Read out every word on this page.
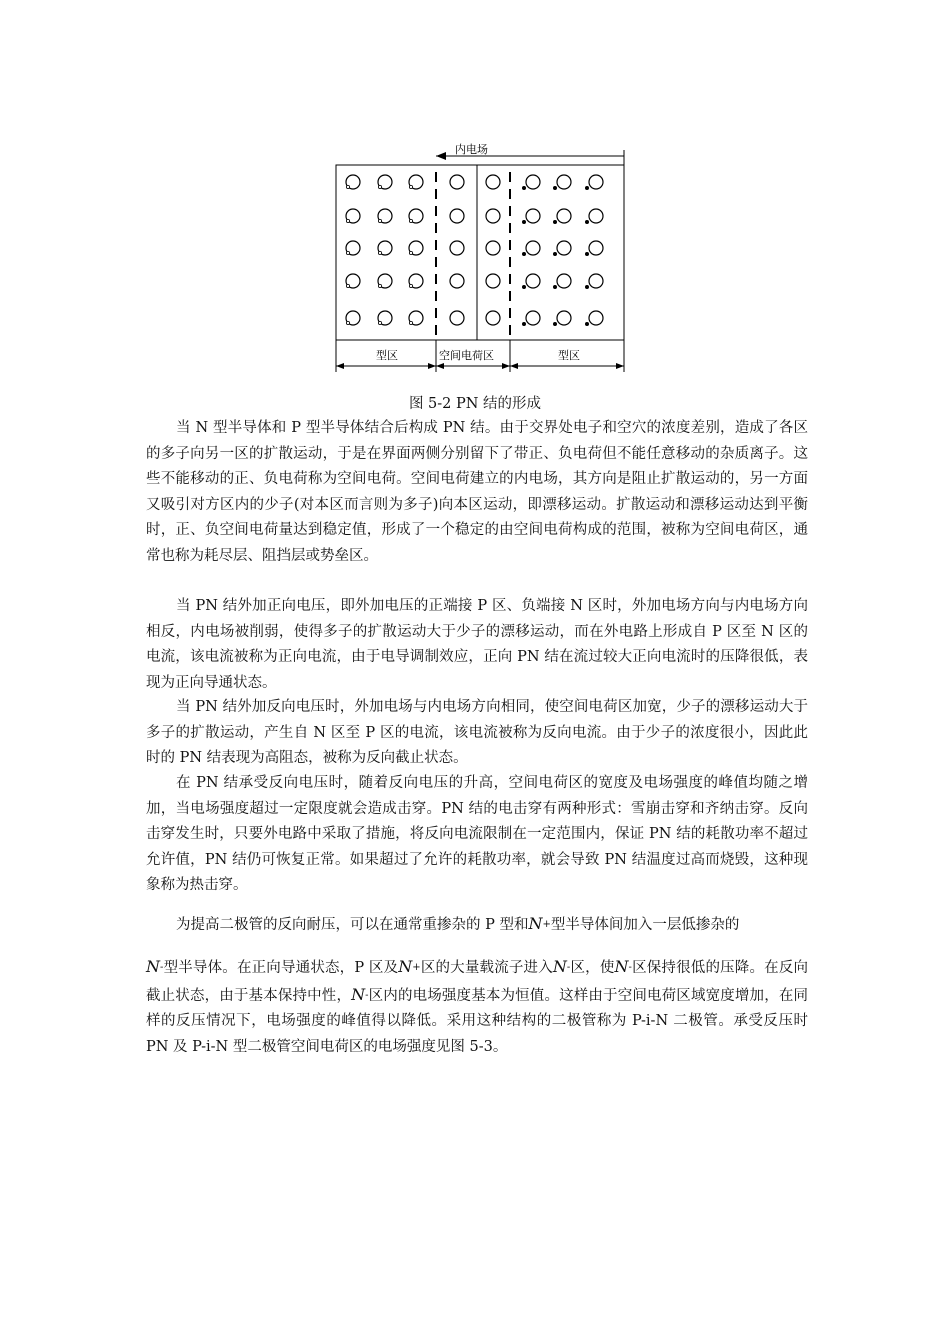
内电场
型区	空间电荷区	型区
图 5-2 PN 结的形成

当 N 型半导体和 P 型半导体结合后构成 PN 结。由于交界处电子和空穴的浓度差别，造成了各区的多子向另一区的扩散运动，于是在界面两侧分别留下了带正、负电荷但不能任意移动的杂质离子。这些不能移动的正、负电荷称为空间电荷。空间电荷建立的内电场，其方向是阻止扩散运动的，另一方面又吸引对方区内的少子(对本区而言则为多子)向本区运动，即漂移运动。扩散运动和漂移运动达到平衡时，正、负空间电荷量达到稳定值，形成了一个稳定的由空间电荷构成的范围，被称为空间电荷区，通常也称为耗尽层、阻挡层或势垒区。

当 PN 结外加正向电压，即外加电压的正端接 P 区、负端接 N 区时，外加电场方向与内电场方向相反，内电场被削弱，使得多子的扩散运动大于少子的漂移运动，而在外电路上形成自 P 区至 N 区的电流，该电流被称为正向电流，由于电导调制效应，正向 PN 结在流过较大正向电流时的压降很低，表现为正向导通状态。

当 PN 结外加反向电压时，外加电场与内电场方向相同，使空间电荷区加宽，少子的漂移运动大于多子的扩散运动，产生自 N 区至 P 区的电流，该电流被称为反向电流。由于少子的浓度很小，因此此时的 PN 结表现为高阻态，被称为反向截止状态。

在 PN 结承受反向电压时，随着反向电压的升高，空间电荷区的宽度及电场强度的峰值均随之增加，当电场强度超过一定限度就会造成击穿。PN 结的电击穿有两种形式：雪崩击穿和齐纳击穿。反向击穿发生时，只要外电路中采取了措施，将反向电流限制在一定范围内，保证 PN 结的耗散功率不超过允许值，PN 结仍可恢复正常。如果超过了允许的耗散功率，就会导致 PN 结温度过高而烧毁，这种现象称为热击穿。

为提高二极管的反向耐压，可以在通常重掺杂的 P 型和N+型半导体间加入一层低掺杂的
N-型半导体。在正向导通状态，P 区及N+区的大量载流子进入N-区，使N-区保持很低的压降。在反向截止状态，由于基本保持中性，N-区内的电场强度基本为恒值。这样由于空间电荷区域宽度增加，在同样的反压情况下，电场强度的峰值得以降低。采用这种结构的二极管称为 P-i-N 二极管。承受反压时 PN 及 P-i-N 型二极管空间电荷区的电场强度见图 5-3。
